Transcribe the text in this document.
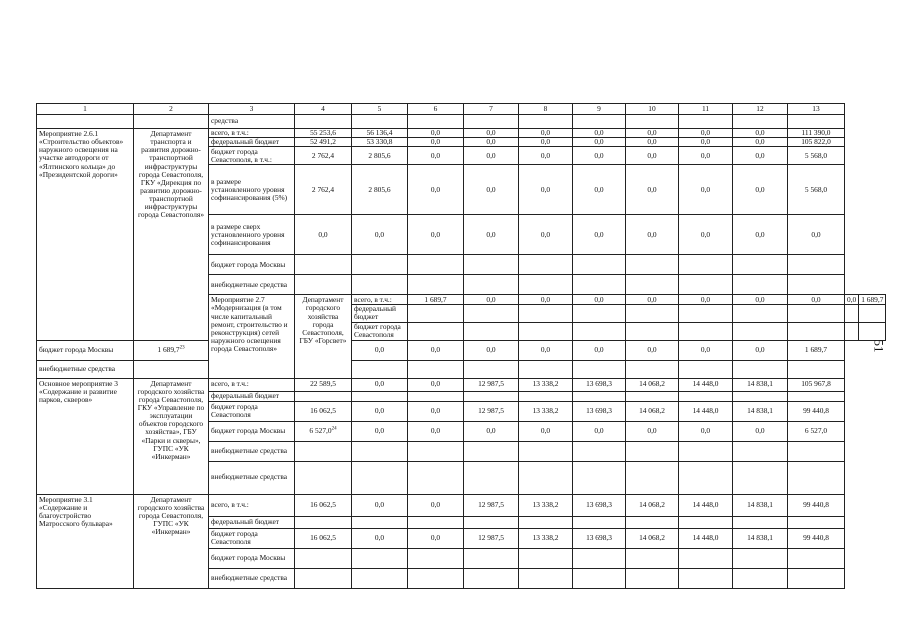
1	2	3	4	5	6	7	8	9	10	11	12	13		
		средства												
Мероприятие 2.6.1 «Строительство объектов» наружного освещения на участке автодороги от «Ялтинского кольца» до «Президентской дороги»	Департамент транспорта и развития дорожно-транспортной инфраструктуры города Севастополя, ГКУ «Дирекция по развитию дорожно-транспортной инфраструктуры города Севастополя»	всего, в т.ч.:	55 253,6	56 136,4	0,0	0,0	0,0	0,0	0,0	0,0	0,0	111 390,0		
		федеральный бюджет	52 491,2	53 330,8	0,0	0,0	0,0	0,0	0,0	0,0	0,0	105 822,0		
		бюджет города Севастополя, в т.ч.:	2 762,4	2 805,6	0,0	0,0	0,0	0,0	0,0	0,0	0,0	5 568,0		
		в размере установленного уровня софинансирования (5%)	2 762,4	2 805,6	0,0	0,0	0,0	0,0	0,0	0,0	0,0	5 568,0		
		в размере сверх установленного уровня софинансирования	0,0	0,0	0,0	0,0	0,0	0,0	0,0	0,0	0,0	0,0		
		бюджет города Москвы												
		внебюджетные средства												
		Мероприятие 2.7 «Модернизация (в том числе капитальный ремонт, строительство и реконструкция) сетей наружного освещения города Севастополя»	Департамент городского хозяйства города Севастополя, ГБУ «Горсвет»	всего, в т.ч.:	1 689,7	0,0	0,0	0,0	0,0	0,0	0,0	0,0	0,0	1 689,7
				федеральный бюджет										
				бюджет города Севастополя										
бюджет города Москвы	1 689,7$^{23}$			0,0	0,0	0,0	0,0	0,0	0,0	0,0	0,0	1 689,7		
внебюджетные средства														
Основное мероприятие 3 «Содержание и развитие парков, скверов»	Департамент городского хозяйства города Севастополя, ГКУ «Управление по эксплуатации объектов городского хозяйства», ГБУ «Парки и скверы», ГУПС «УК «Инкерман»	всего, в т.ч.:	22 589,5	0,0	0,0	12 987,5	13 338,2	13 698,3	14 068,2	14 448,0	14 838,1	105 967,8		
		федеральный бюджет												
		бюджет города Севастополя	16 062,5	0,0	0,0	12 987,5	13 338,2	13 698,3	14 068,2	14 448,0	14 838,1	99 440,8		
		бюджет города Москвы	6 527,0$^{24}$	0,0	0,0	0,0	0,0	0,0	0,0	0,0	0,0	6 527,0		
		внебюджетные средства												
		внебюджетные средства												
Мероприятие 3.1 «Содержание и благоустройство Матросского бульвара»	Департамент городского хозяйства города Севастополя, ГУПС «УК «Инкерман»	всего, в т.ч.:	16 062,5	0,0	0,0	12 987,5	13 338,2	13 698,3	14 068,2	14 448,0	14 838,1	99 440,8		
		федеральный бюджет												
		бюджет города Севастополя	16 062,5	0,0	0,0	12 987,5	13 338,2	13 698,3	14 068,2	14 448,0	14 838,1	99 440,8		
		бюджет города Москвы												
		внебюджетные средства												
51
